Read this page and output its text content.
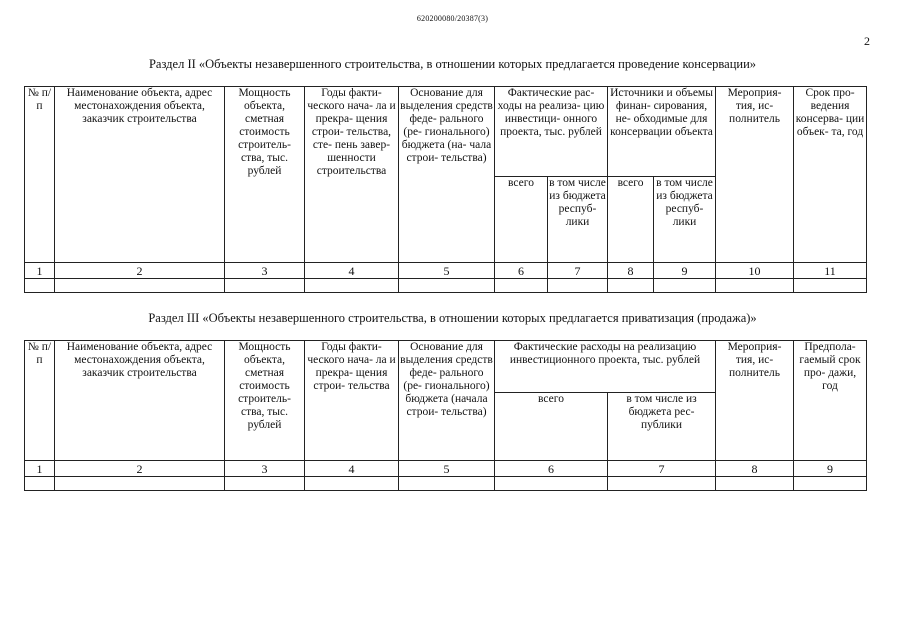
620200080/20387(3)
2
Раздел II «Объекты незавершенного строительства, в отношении которых предлагается проведение консервации»
№ п/п	Наименование объекта, адрес местонахождения объекта, заказчик строительства	Мощность объекта, сметная стоимость строитель- ства, тыс. рублей	Годы факти- ческого нача- ла и прекра- щения строи- тельства, сте- пень завер- шенности строительства	Основание для выделения средств феде- рального (ре- гионального) бюджета (на- чала строи- тельства)	Фактические рас- ходы на реализа- цию инвестици- онного проекта, тыс. рублей		Источники и объемы финан- сирования, не- обходимые для консервации объекта		Мероприя- тия, ис- полнитель	Срок про- ведения консерва- ции объек- та, год
					всего	в том числе из бюджета респуб- лики	всего	в том числе из бюджета респуб- лики		
1	2	3	4	5	6	7	8	9	10	11

Раздел III «Объекты незавершенного строительства, в отношении которых предлагается приватизация (продажа)»
№ п/п	Наименование объекта, адрес местонахождения объекта, заказчик строительства	Мощность объекта, сметная стоимость строитель- ства, тыс. рублей	Годы факти- ческого нача- ла и прекра- щения строи- тельства	Основание для выделения средств феде- рального (ре- гионального) бюджета (начала строи- тельства)	Фактические расходы на реализацию инвестиционного проекта, тыс. рублей		Мероприя- тия, ис- полнитель	Предпола- гаемый срок про- дажи, год
					всего	в том числе из бюджета рес- публики		
1	2	3	4	5	6	7	8	9
